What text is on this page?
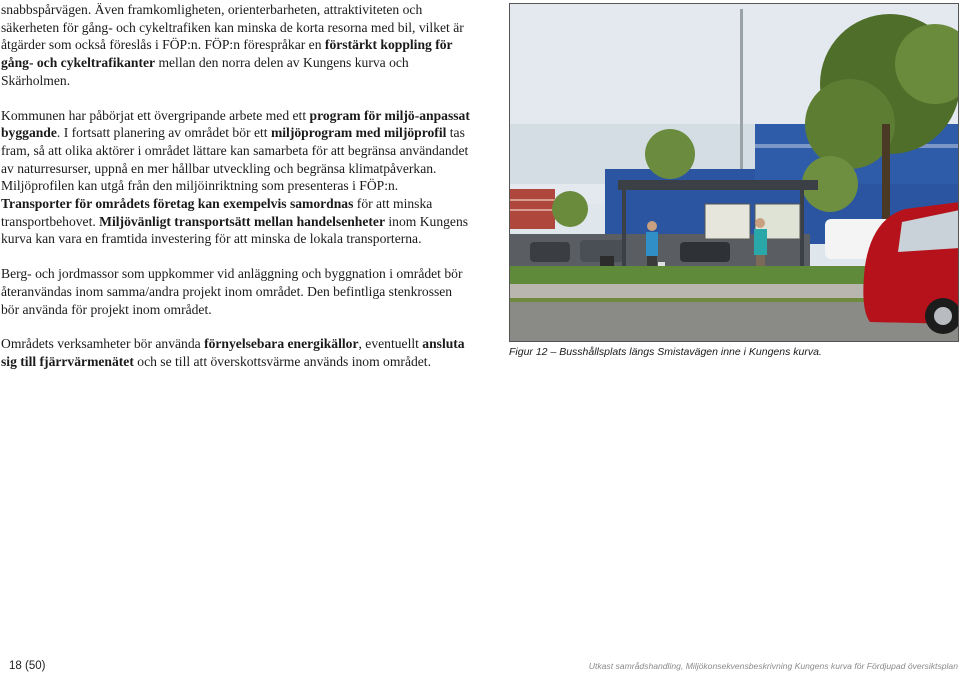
snabbspårvägen. Även framkomligheten, orienterbarheten, attraktiviteten och säkerheten för gång- och cykeltrafiken kan minska de korta resorna med bil, vilket är åtgärder som också föreslås i FÖP:n. FÖP:n förespråkar en förstärkt koppling för gång- och cykeltrafikanter mellan den norra delen av Kungens kurva och Skärholmen.

Kommunen har påbörjat ett övergripande arbete med ett program för miljö-anpassat byggande. I fortsatt planering av området bör ett miljöprogram med miljöprofil tas fram, så att olika aktörer i området lättare kan samarbeta för att begränsa användandet av naturresurser, uppnå en mer hållbar utveckling och begränsa klimatpåverkan. Miljöprofilen kan utgå från den miljöinriktning som presenteras i FÖP:n. Transporter för områdets företag kan exempelvis samordnas för att minska transportbehovet. Miljövänligt transportsätt mellan handelsenheter inom Kungens kurva kan vara en framtida investering för att minska de lokala transporterna.

Berg- och jordmassor som uppkommer vid anläggning och byggnation i området bör återanvändas inom samma/andra projekt inom området. Den befintliga stenkrossen bör använda för projekt inom området.

Områdets verksamheter bör använda förnyelsebara energikällor, eventuellt ansluta sig till fjärrvärmenätet och se till att överskottsvärme används inom området.

Figur 12 – Busshållsplats längs Smistavägen inne i Kungens kurva.
18 (50)	Utkast samrådshandling, Miljökonsekvensbeskrivning Kungens kurva för Fördjupad översiktsplan
